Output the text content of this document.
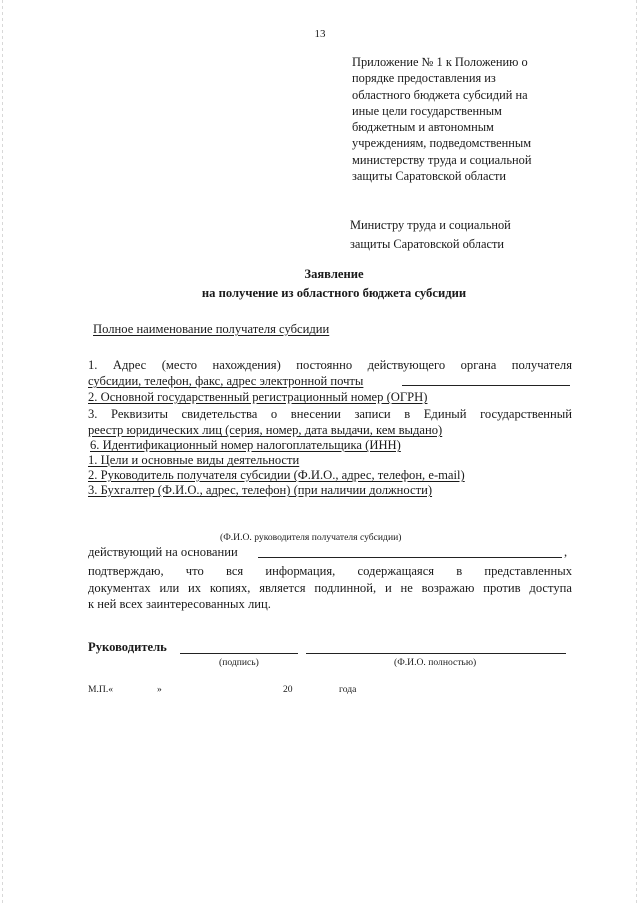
13
Приложение № 1 к Положению о
порядке предоставления из
областного бюджета субсидий на
иные цели государственным
бюджетным и автономным
учреждениям, подведомственным
министерству труда и социальной
защиты Саратовской области
Министру труда и социальной
защиты Саратовской области
Заявление
на получение из областного бюджета субсидии
Полное наименование получателя субсидии
1. Адрес (место нахождения) постоянно действующего органа получателя
субсидии, телефон, факс, адрес электронной почты
2. Основной государственный регистрационный номер (ОГРН)
3. Реквизиты свидетельства о внесении записи в Единый государственный
реестр юридических лиц (серия, номер, дата выдачи, кем выдано)
6. Идентификационный номер налогоплательщика (ИНН)
1. Цели и основные виды деятельности
2. Руководитель получателя субсидии (Ф.И.О., адрес, телефон, e-mail)
3. Бухгалтер (Ф.И.О., адрес, телефон) (при наличии должности)
(Ф.И.О. руководителя получателя субсидии)
действующий на основании	,
подтверждаю, что вся информация, содержащаяся в представленных
документах или их копиях, является подлинной, и не возражаю против доступа
к ней всех заинтересованных лиц.
Руководитель
(подпись)	(Ф.И.О. полностью)
М.П.«	»	20	года
